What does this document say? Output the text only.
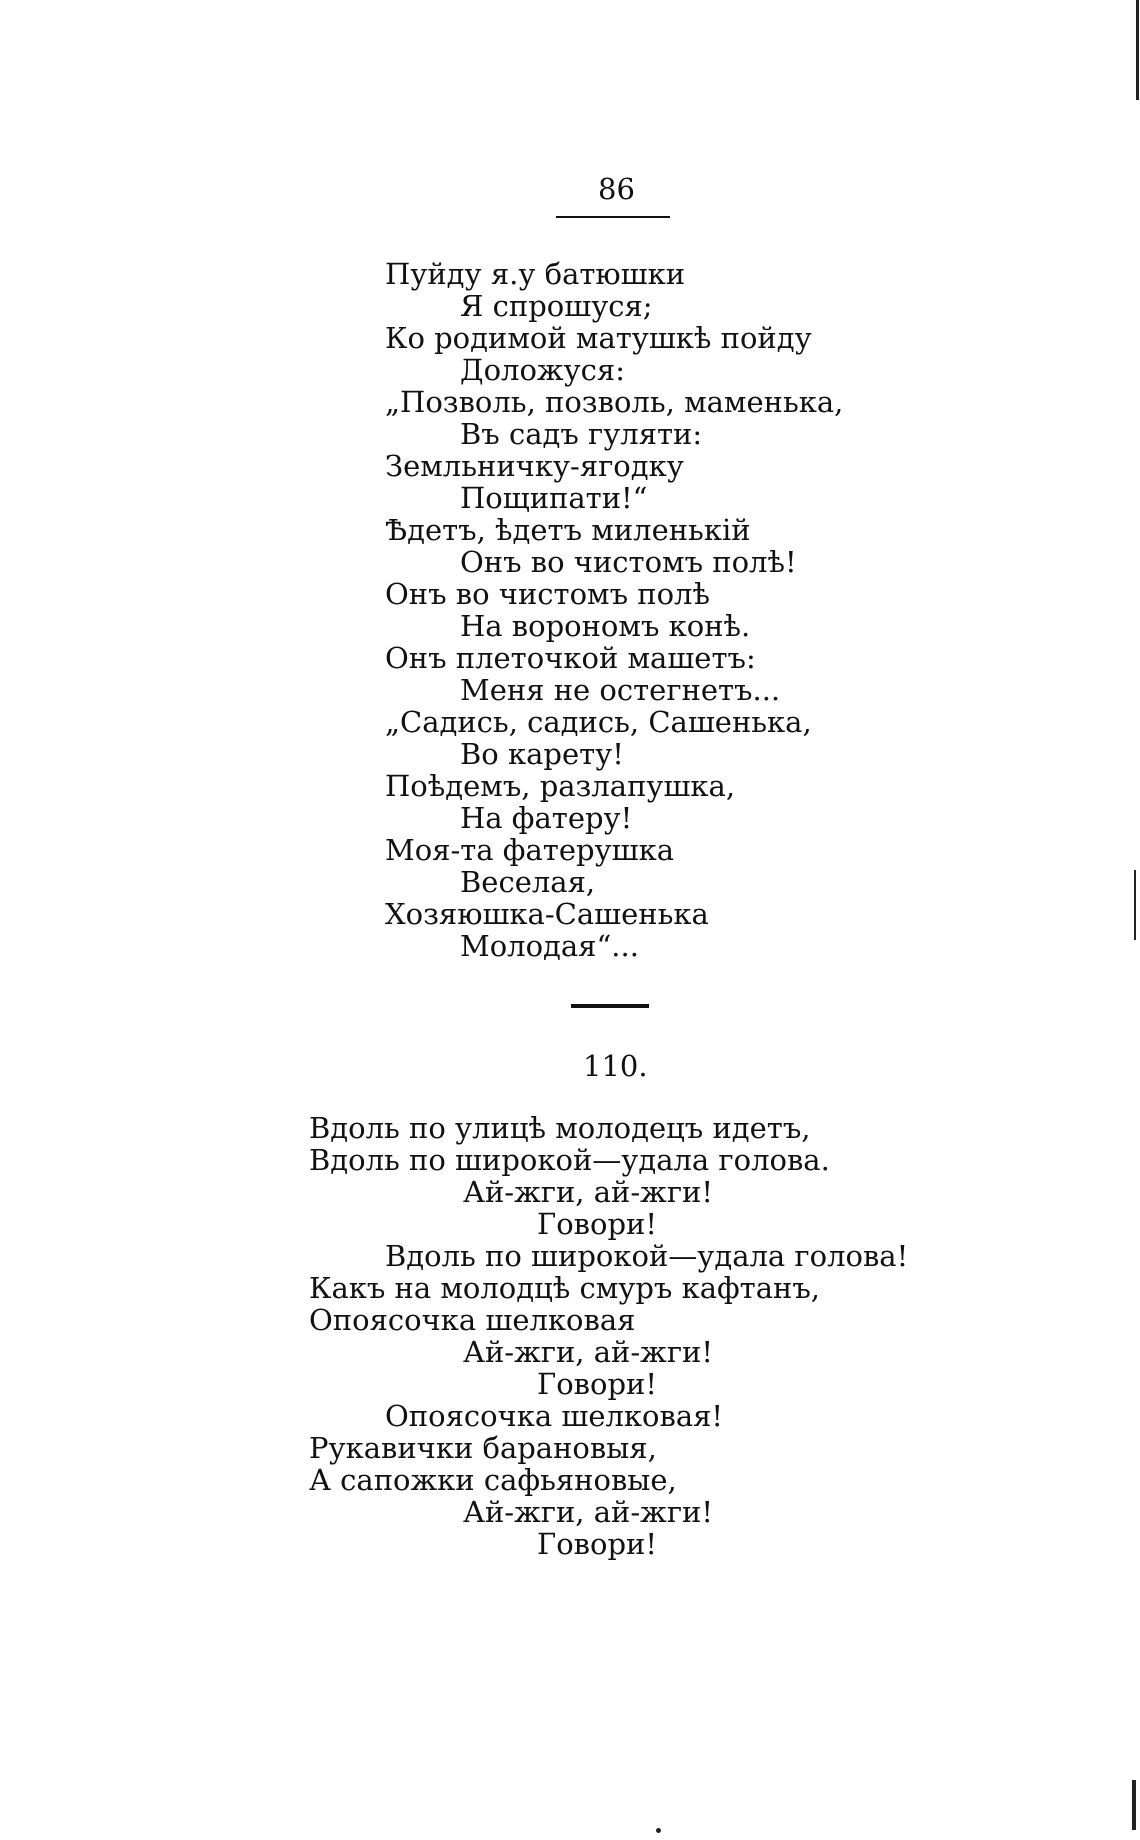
86
Пуйду я.у батюшки
Я спрошуся;
Ко родимой матушкѣ пойду
Доложуся:
„Позволь, позволь, маменька,
Въ садъ гуляти:
Земльничку-ягодку
Пощипати!“
Ѣдетъ, ѣдетъ миленькій
Онъ во чистомъ полѣ!
Онъ во чистомъ полѣ
На ворономъ конѣ.
Онъ плеточкой машетъ:
Меня не остегнетъ...
„Садись, садись, Сашенька,
Во карету!
Поѣдемъ, разлапушка,
На фатеру!
Моя-та фатерушка
Веселая,
Хозяюшка-Сашенька
Молодая“...
110.
Вдоль по улицѣ молодецъ идетъ,
Вдоль по широкой—удала голова.
Ай-жги, ай-жги!
Говори!
Вдоль по широкой—удала голова!
Какъ на молодцѣ смуръ кафтанъ,
Опоясочка шелковая
Ай-жги, ай-жги!
Говори!
Опоясочка шелковая!
Рукавички барановыя,
А сапожки сафьяновые,
Ай-жги, ай-жги!
Говори!
